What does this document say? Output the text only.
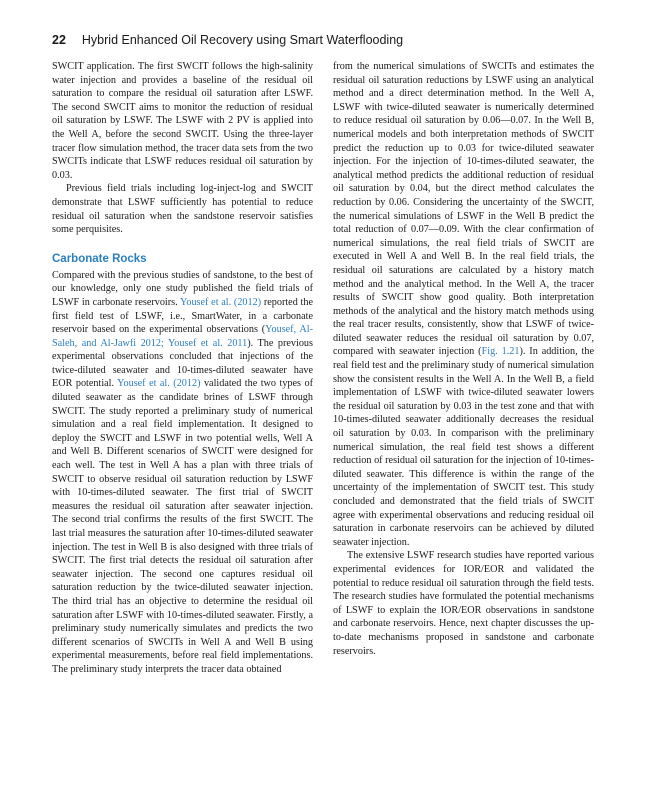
22 Hybrid Enhanced Oil Recovery using Smart Waterflooding

SWCIT application. The first SWCIT follows the high-salinity water injection and provides a baseline of the residual oil saturation to compare the residual oil saturation after LSWF. The second SWCIT aims to monitor the reduction of residual oil saturation by LSWF. The LSWF with 2 PV is applied into the Well A, before the second SWCIT. Using the three-layer tracer flow simulation method, the tracer data sets from the two SWCITs indicate that LSWF reduces residual oil saturation by 0.03.

Previous field trials including log-inject-log and SWCIT demonstrate that LSWF sufficiently has potential to reduce residual oil saturation when the sandstone reservoir satisfies some perquisites.

Carbonate Rocks

Compared with the previous studies of sandstone, to the best of our knowledge, only one study published the field trials of LSWF in carbonate reservoirs. Yousef et al. (2012) reported the first field test of LSWF, i.e., SmartWater, in a carbonate reservoir based on the experimental observations (Yousef, Al-Saleh, and Al-Jawfi 2012; Yousef et al. 2011). The previous experimental observations concluded that injections of the twice-diluted seawater and 10-times-diluted seawater have EOR potential. Yousef et al. (2012) validated the two types of diluted seawater as the candidate brines of LSWF through SWCIT. The study reported a preliminary study of numerical simulation and a real field implementation. It designed to deploy the SWCIT and LSWF in two potential wells, Well A and Well B. Different scenarios of SWCIT were designed for each well. The test in Well A has a plan with three trials of SWCIT to observe residual oil saturation reduction by LSWF with 10-times-diluted seawater. The first trial of SWCIT measures the residual oil saturation after seawater injection. The second trial confirms the results of the first SWCIT. The last trial measures the saturation after 10-times-diluted seawater injection. The test in Well B is also designed with three trials of SWCIT. The first trial detects the residual oil saturation after seawater injection. The second one captures residual oil saturation reduction by the twice-diluted seawater injection. The third trial has an objective to determine the residual oil saturation after LSWF with 10-times-diluted seawater. Firstly, a preliminary study numerically simulates and predicts the two different scenarios of SWCITs in Well A and Well B using experimental measurements, before real field implementations. The preliminary study interprets the tracer data obtained

from the numerical simulations of SWCITs and estimates the residual oil saturation reductions by LSWF using an analytical method and a direct determination method. In the Well A, LSWF with twice-diluted seawater is numerically determined to reduce residual oil saturation by 0.06—0.07. In the Well B, numerical models and both interpretation methods of SWCIT predict the reduction up to 0.03 for twice-diluted seawater injection. For the injection of 10-times-diluted seawater, the analytical method predicts the additional reduction of residual oil saturation by 0.04, but the direct method calculates the reduction by 0.06. Considering the uncertainty of the SWCIT, the numerical simulations of LSWF in the Well B predict the total reduction of 0.07—0.09. With the clear confirmation of numerical simulations, the real field trials of SWCIT are executed in Well A and Well B. In the real field trials, the residual oil saturations are calculated by a history match method and the analytical method. In the Well A, the tracer results of SWCIT show good quality. Both interpretation methods of the analytical and the history match methods using the real tracer results, consistently, show that LSWF of twice-diluted seawater reduces the residual oil saturation by 0.07, compared with seawater injection (Fig. 1.21). In addition, the real field test and the preliminary study of numerical simulation show the consistent results in the Well A. In the Well B, a field implementation of LSWF with twice-diluted seawater lowers the residual oil saturation by 0.03 in the test zone and that with 10-times-diluted seawater additionally decreases the residual oil saturation by 0.03. In comparison with the preliminary numerical simulation, the real field test shows a different reduction of residual oil saturation for the injection of 10-times-diluted seawater. This difference is within the range of the uncertainty of the implementation of SWCIT test. This study concluded and demonstrated that the field trials of SWCIT agree with experimental observations and reducing residual oil saturation in carbonate reservoirs can be achieved by diluted seawater injection.

The extensive LSWF research studies have reported various experimental evidences for IOR/EOR and validated the potential to reduce residual oil saturation through the field tests. The research studies have formulated the potential mechanisms of LSWF to explain the IOR/EOR observations in sandstone and carbonate reservoirs. Hence, next chapter discusses the up-to-date mechanisms proposed in sandstone and carbonate reservoirs.
